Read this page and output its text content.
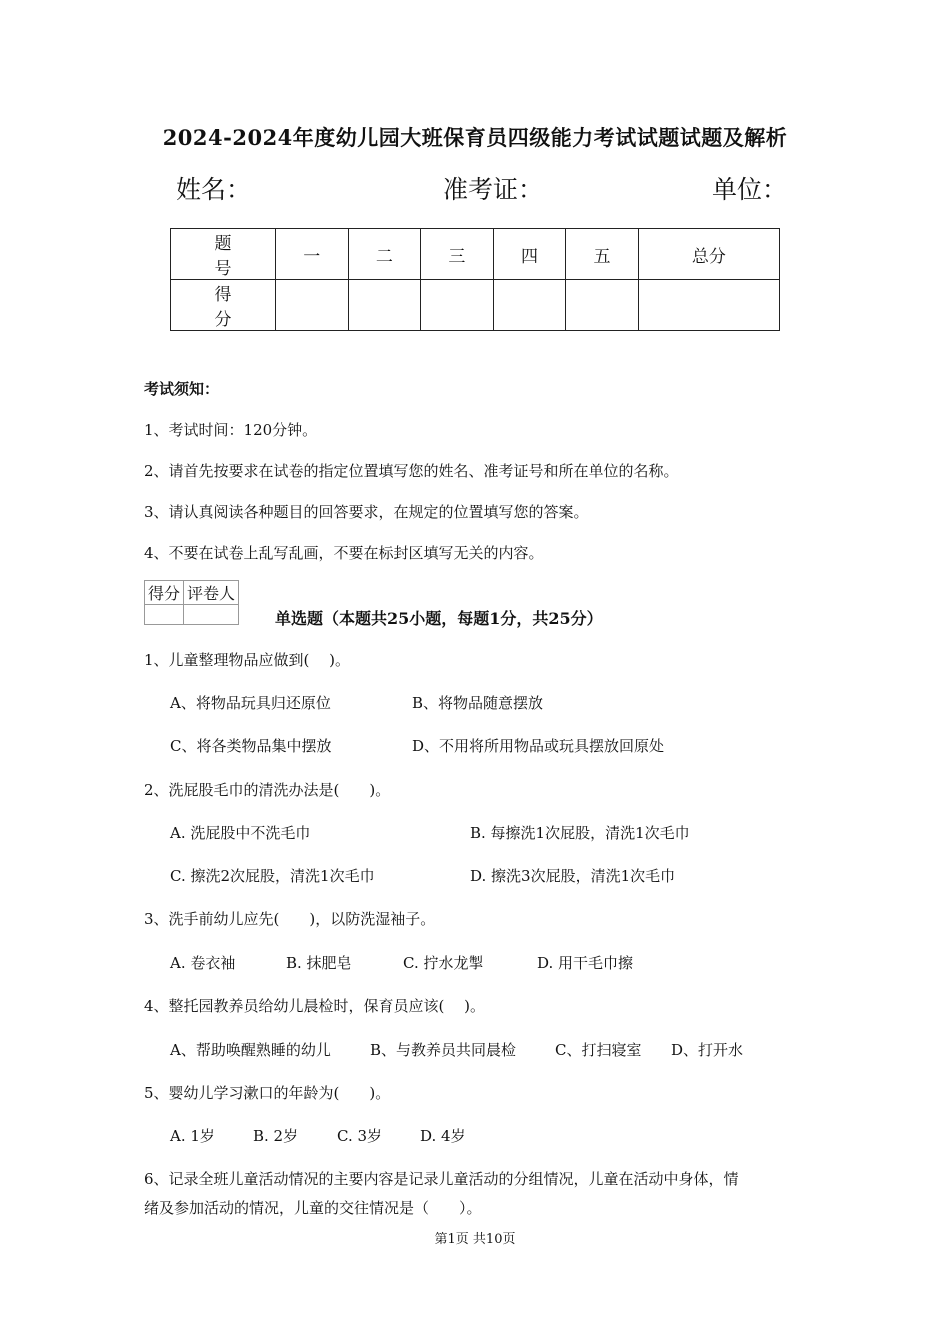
2024-2024年度幼儿园大班保育员四级能力考试试题试题及解析
姓名：	准考证：	单位：
题 号	一	二	三	四	五	总分
得 分						
考试须知：
1、考试时间：120分钟。
2、请首先按要求在试卷的指定位置填写您的姓名、准考证号和所在单位的名称。
3、请认真阅读各种题目的回答要求，在规定的位置填写您的答案。
4、不要在试卷上乱写乱画，不要在标封区填写无关的内容。
得分	评卷人

单选题（本题共25小题，每题1分，共25分）
1、儿童整理物品应做到(　 )。
A、将物品玩具归还原位	B、将物品随意摆放
C、将各类物品集中摆放	D、不用将所用物品或玩具摆放回原处
2、洗屁股毛巾的清洗办法是(　　)。
A. 洗屁股中不洗毛巾	B. 每擦洗1次屁股，清洗1次毛巾
C. 擦洗2次屁股，清洗1次毛巾	D. 擦洗3次屁股，清洗1次毛巾
3、洗手前幼儿应先(　　)，以防洗湿袖子。
A. 卷衣袖	B. 抹肥皂	C. 拧水龙掣	D. 用干毛巾擦
4、整托园教养员给幼儿晨检时，保育员应该(　 )。
A、帮助唤醒熟睡的幼儿	B、与教养员共同晨检	C、打扫寝室 D、打开水
5、婴幼儿学习漱口的年龄为(　　)。
A. 1岁	B. 2岁	C. 3岁	D. 4岁
6、记录全班儿童活动情况的主要内容是记录儿童活动的分组情况，儿童在活动中身体，情
绪及参加活动的情况，儿童的交往情况是（　　）。
第1页 共10页
